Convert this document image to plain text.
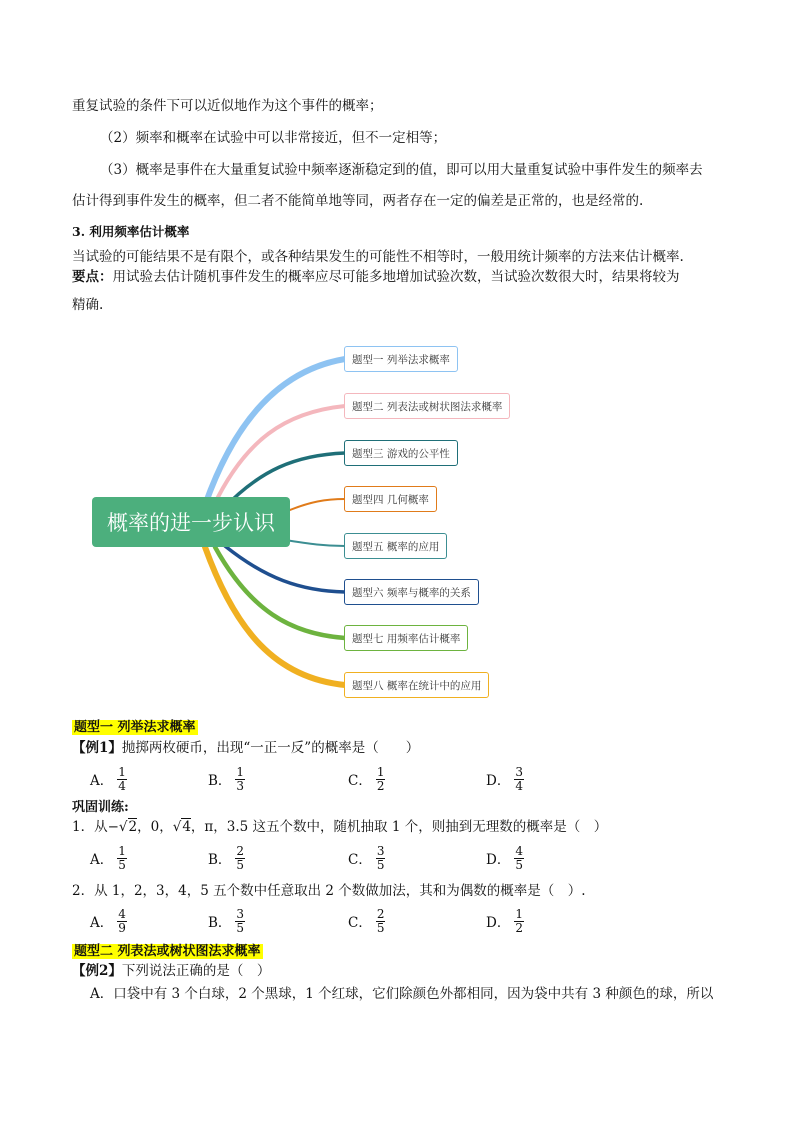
重复试验的条件下可以近似地作为这个事件的概率；
（2）频率和概率在试验中可以非常接近，但不一定相等；
（3）概率是事件在大量重复试验中频率逐渐稳定到的值，即可以用大量重复试验中事件发生的频率去
估计得到事件发生的概率，但二者不能简单地等同，两者存在一定的偏差是正常的，也是经常的.
3. 利用频率估计概率
当试验的可能结果不是有限个，或各种结果发生的可能性不相等时，一般用统计频率的方法来估计概率.
要点：用试验去估计随机事件发生的概率应尽可能多地增加试验次数，当试验次数很大时，结果将较为
精确.
概率的进一步认识
题型一 列举法求概率
题型二 列表法或树状图法求概率
题型三 游戏的公平性
题型四 几何概率
题型五 概率的应用
题型六 频率与概率的关系
题型七 用频率估计概率
题型八 概率在统计中的应用
题型一 列举法求概率
【例1】抛掷两枚硬币，出现“一正一反”的概率是（　　）
A． $\frac{1}{4}$	B． $\frac{1}{3}$	C． $\frac{1}{2}$	D． $\frac{3}{4}$
巩固训练:
1．从−√2，0，√4，π，3.5 这五个数中，随机抽取 1 个，则抽到无理数的概率是（　）
A． $\frac{1}{5}$	B． $\frac{2}{5}$	C． $\frac{3}{5}$	D． $\frac{4}{5}$
2．从 1，2，3，4，5 五个数中任意取出 2 个数做加法，其和为偶数的概率是（　）.
A． $\frac{4}{9}$	B． $\frac{3}{5}$	C． $\frac{2}{5}$	D． $\frac{1}{2}$
题型二 列表法或树状图法求概率
【例2】下列说法正确的是（　）
A．口袋中有 3 个白球，2 个黑球，1 个红球，它们除颜色外都相同，因为袋中共有 3 种颜色的球，所以
